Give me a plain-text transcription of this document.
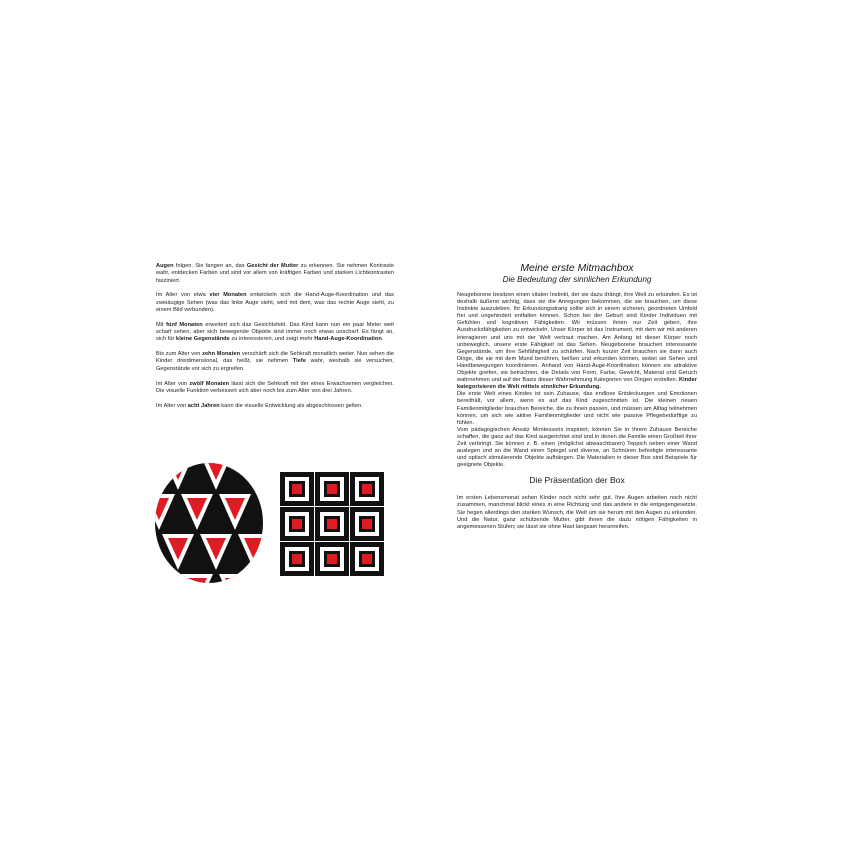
Augen folgen. Sie fangen an, das Gesicht der Mutter zu erkennen. Sie nehmen Kontraste wahr, entdecken Farben und sind vor allem von kräftigen Farben und starken Lichtkontrasten fasziniert.

Im Alter von etwa vier Monaten entwickeln sich die Hand-Auge-Koordination und das zweiäugige Sehen (was das linke Auge sieht, wird mit dem, was das rechte Auge sieht, zu einem Bild verbunden).

Mit fünf Monaten erweitert sich das Gesichtsfeld. Das Kind kann nun ein paar Meter weit scharf sehen, aber sich bewegende Objekte sind immer noch etwas unscharf. Es fängt an, sich für kleine Gegenstände zu interessieren, und zeigt mehr Hand-Auge-Koordination.

Bis zum Alter von zehn Monaten verschärft sich die Sehkraft monatlich weiter. Nun sehen die Kinder dreidimensional, das heißt, sie nehmen Tiefe wahr, weshalb sie versuchen, Gegenstände vor sich zu ergreifen.

Im Alter von zwölf Monaten lässt sich die Sehkraft mit der eines Erwachsenen vergleichen. Die visuelle Funktion verbessert sich aber noch bis zum Alter von drei Jahren.

Im Alter von acht Jahren kann die visuelle Entwicklung als abgeschlossen gelten.

Meine erste Mitmachbox
Die Bedeutung der sinnlichen Erkundung

Neugeborene besitzen einen vitalen Instinkt, der sie dazu drängt, ihre Welt zu erkunden. Es ist deshalb äußerst wichtig, dass sie die Anregungen bekommen, die sie brauchen, um diese Instinkte auszuleben. Ihr Erkundungsdrang sollte sich in einem sicheren, geordneten Umfeld frei und ungehindert entfalten können. Schon bei der Geburt sind Kinder Individuen mit Gefühlen und kognitiven Fähigkeiten. Wir müssen ihnen nur Zeit geben, ihre Ausdrucksfähigkeiten zu entwickeln. Unser Körper ist das Instrument, mit dem wir mit anderen interagieren und uns mit der Welt vertraut machen. Am Anfang ist dieser Körper noch unbeweglich, unsere erste Fähigkeit ist das Sehen. Neugeborene brauchen interessante Gegenstände, um ihre Sehfähigkeit zu schärfen. Nach kurzer Zeit brauchen sie dann auch Dinge, die sie mit dem Mund berühren, beißen und erkunden können, wobei sie Sehen und Handbewegungen koordinieren. Anhand von Hand-Auge-Koordination können sie attraktive Objekte greifen, sie betrachten, die Details von Form, Farbe, Gewicht, Material und Geruch wahrnehmen und auf der Basis dieser Wahrnehmung Kategorien von Dingen erstellen. Kinder kategorisieren die Welt mittels sinnlicher Erkundung.

Die erste Welt eines Kindes ist sein Zuhause, das endlose Entdeckungen und Emotionen bereithält, vor allem, wenn es auf das Kind zugeschnitten ist. Die kleinen neuen Familienmitglieder brauchen Bereiche, die zu ihnen passen, und müssen am Alltag teilnehmen können, um sich wie aktive Familienmitglieder und nicht wie passive Pflegebedürftige zu fühlen.

Vom pädagogischen Ansatz Montessoris inspiriert, können Sie in Ihrem Zuhause Bereiche schaffen, die ganz auf das Kind ausgerichtet sind und in denen die Familie einen Großteil ihrer Zeit verbringt. Sie können z. B. einen (möglichst abwaschbaren) Teppich neben einer Wand auslegen und an die Wand einen Spiegel und diverse, an Schnüren befestigte interessante und optisch stimulierende Objekte aufhängen. Die Materialien in dieser Box sind Beispiele für geeignete Objekte.

Die Präsentation der Box

Im ersten Lebensmonat sehen Kinder noch nicht sehr gut. Ihre Augen arbeiten noch nicht zusammen, manchmal blickt eines in eine Richtung und das andere in die entgegengesetzte. Sie hegen allerdings den starken Wunsch, die Welt um sie herum mit den Augen zu erkunden. Und die Natur, ganz schützende Mutter, gibt ihnen die dazu nötigen Fähigkeiten in angemessenen Stufen; sie lässt sie ohne Hast langsam heranreifen.
